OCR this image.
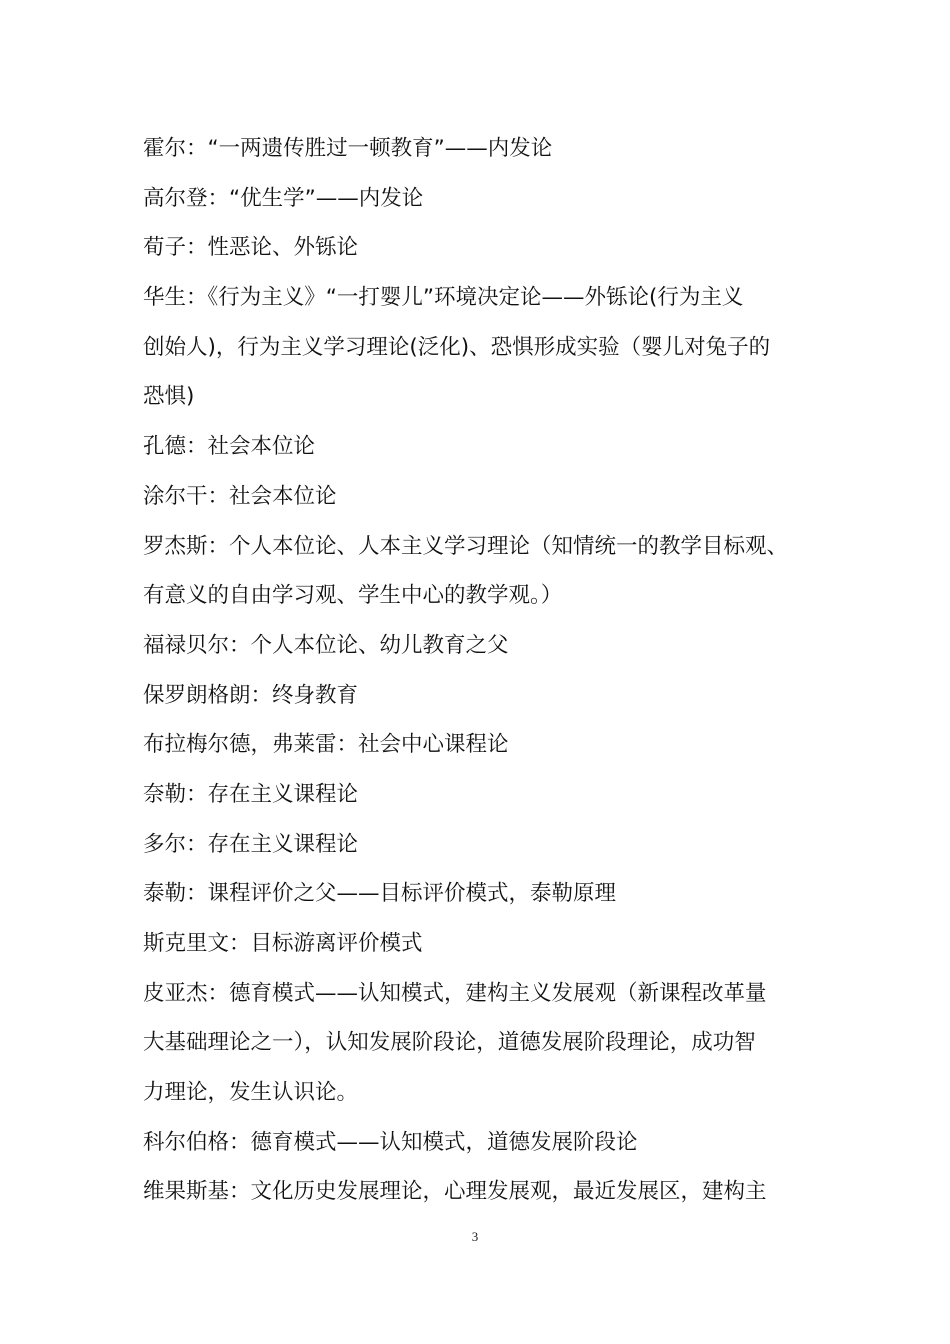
霍尔：“一两遗传胜过一顿教育”——内发论
高尔登：“优生学”——内发论
荀子：性恶论、外铄论
华生：《行为主义》“一打婴儿”环境决定论——外铄论(行为主义
创始人)，行为主义学习理论(泛化)、恐惧形成实验（婴儿对兔子的
恐惧)
孔德：社会本位论
涂尔干：社会本位论
罗杰斯：个人本位论、人本主义学习理论（知情统一的教学目标观、
有意义的自由学习观、学生中心的教学观。）
福禄贝尔：个人本位论、幼儿教育之父
保罗朗格朗：终身教育
布拉梅尔德，弗莱雷：社会中心课程论
奈勒：存在主义课程论
多尔：存在主义课程论
泰勒：课程评价之父——目标评价模式，泰勒原理
斯克里文：目标游离评价模式
皮亚杰：德育模式——认知模式，建构主义发展观（新课程改革量
大基础理论之一），认知发展阶段论，道德发展阶段理论，成功智
力理论，发生认识论。
科尔伯格：德育模式——认知模式，道德发展阶段论
维果斯基：文化历史发展理论，心理发展观，最近发展区，建构主
3
